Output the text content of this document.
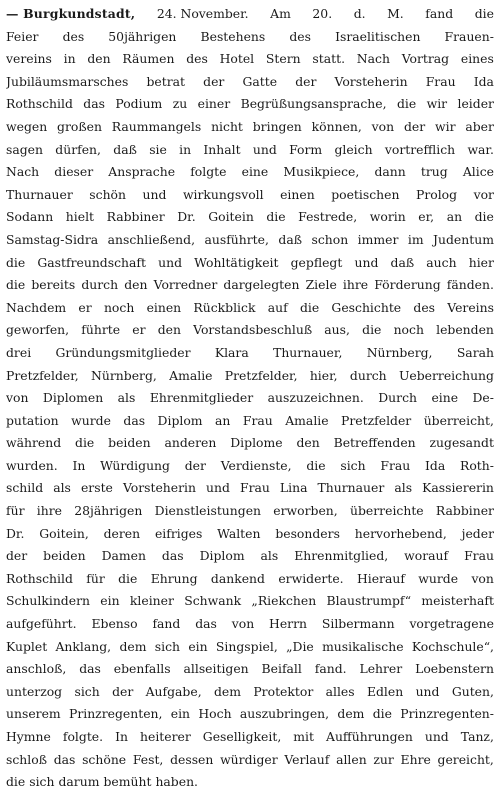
— Burgkundstadt, 24. November. Am 20. d. M. fand die
Feier des 50jährigen Bestehens des Israelitischen Frauen-
vereins in den Räumen des Hotel Stern statt. Nach Vortrag eines
Jubiläumsmarsches betrat der Gatte der Vorsteherin Frau Ida
Rothschild das Podium zu einer Begrüßungsansprache, die wir leider
wegen großen Raummangels nicht bringen können, von der wir aber
sagen dürfen, daß sie in Inhalt und Form gleich vortrefflich war.
Nach dieser Ansprache folgte eine Musikpiece, dann trug Alice
Thurnauer schön und wirkungsvoll einen poetischen Prolog vor
Sodann hielt Rabbiner Dr. Goitein die Festrede, worin er, an die
Samstag-Sidra anschließend, ausführte, daß schon immer im Judentum
die Gastfreundschaft und Wohltätigkeit gepflegt und daß auch hier
die bereits durch den Vorredner dargelegten Ziele ihre Förderung fänden.
Nachdem er noch einen Rückblick auf die Geschichte des Vereins
geworfen, führte er den Vorstandsbeschluß aus, die noch lebenden
drei Gründungsmitglieder Klara Thurnauer, Nürnberg, Sarah
Pretzfelder, Nürnberg, Amalie Pretzfelder, hier, durch Ueberreichung
von Diplomen als Ehrenmitglieder auszuzeichnen. Durch eine De-
putation wurde das Diplom an Frau Amalie Pretzfelder überreicht,
während die beiden anderen Diplome den Betreffenden zugesandt
wurden. In Würdigung der Verdienste, die sich Frau Ida Roth-
schild als erste Vorsteherin und Frau Lina Thurnauer als Kassiererin
für ihre 28jährigen Dienstleistungen erworben, überreichte Rabbiner
Dr. Goitein, deren eifriges Walten besonders hervorhebend, jeder
der beiden Damen das Diplom als Ehrenmitglied, worauf Frau
Rothschild für die Ehrung dankend erwiderte. Hierauf wurde von
Schulkindern ein kleiner Schwank „Riekchen Blaustrumpf“ meisterhaft
aufgeführt. Ebenso fand das von Herrn Silbermann vorgetragene
Kuplet Anklang, dem sich ein Singspiel, „Die musikalische Kochschule“,
anschloß, das ebenfalls allseitigen Beifall fand. Lehrer Loebenstern
unterzog sich der Aufgabe, dem Protektor alles Edlen und Guten,
unserem Prinzregenten, ein Hoch auszubringen, dem die Prinzregenten-
Hymne folgte. In heiterer Geselligkeit, mit Aufführungen und Tanz,
schloß das schöne Fest, dessen würdiger Verlauf allen zur Ehre gereicht,
die sich darum bemüht haben.
